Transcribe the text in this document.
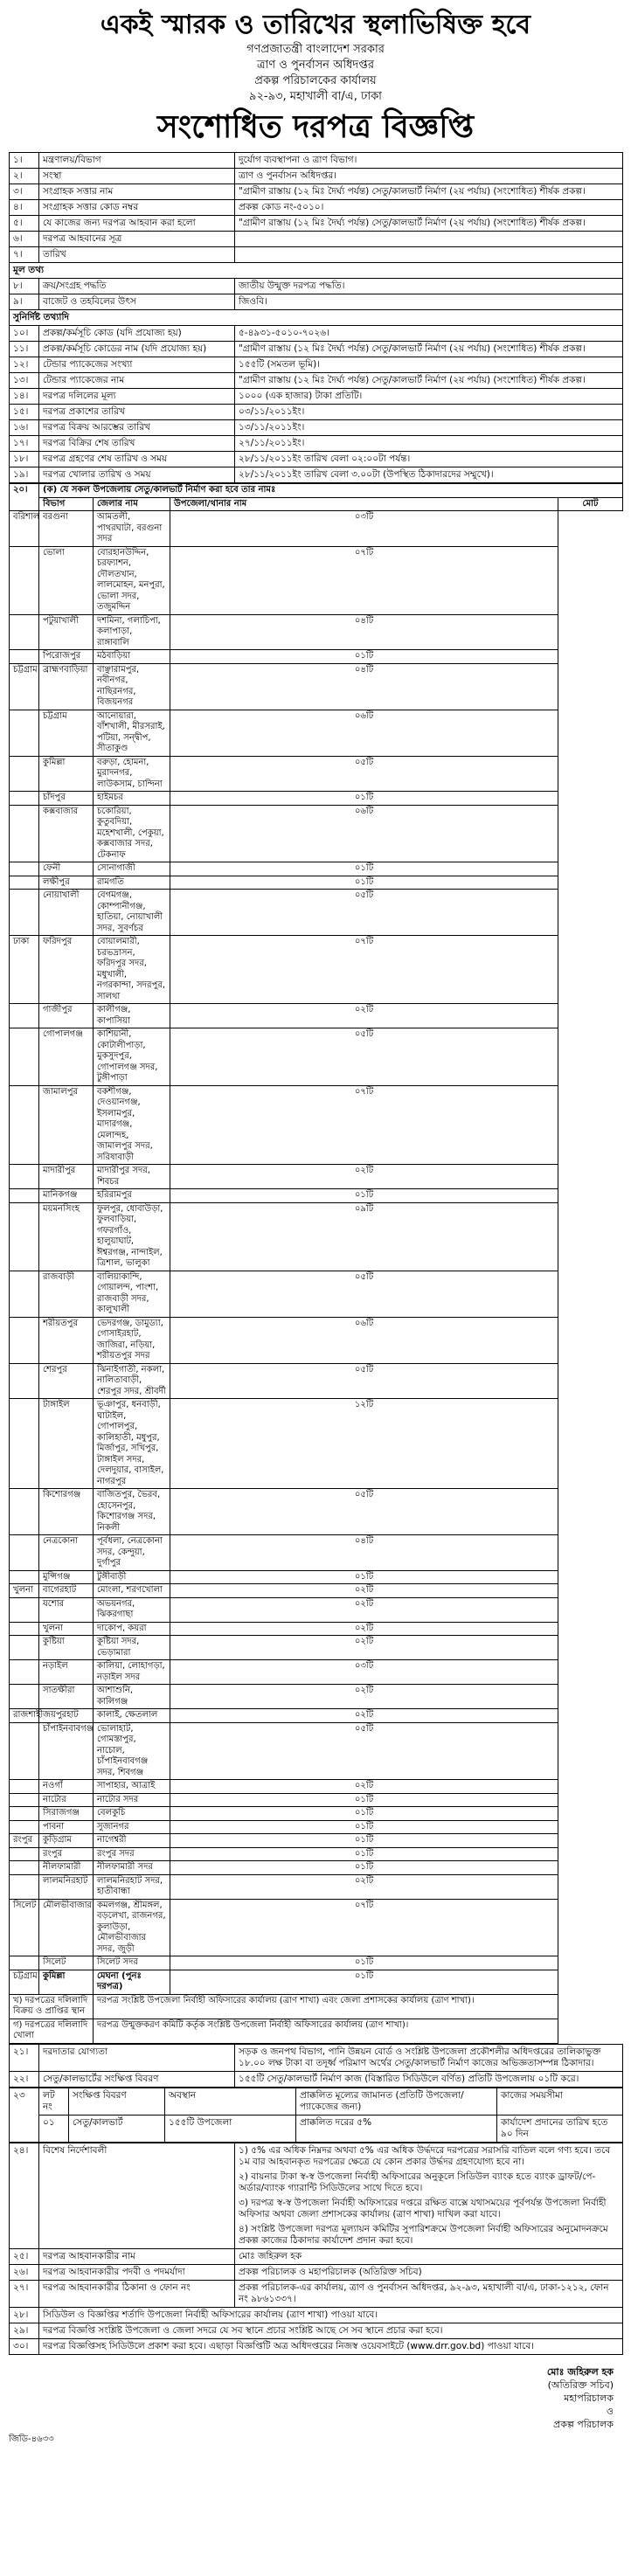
একই স্মারক ও তারিখের স্থলাভিষিক্ত হবে
গণপ্রজাতন্ত্রী বাংলাদেশ সরকার
ত্রাণ ও পুনর্বাসন অধিদপ্তর
প্রকল্প পরিচালকের কার্যালয়
৯২-৯৩, মহাখালী বা/এ, ঢাকা
সংশোধিত দরপত্র বিজ্ঞপ্তি
১।	মন্ত্রণালয়/বিভাগ	দুর্যোগ ব্যবস্থাপনা ও ত্রাণ বিভাগ।
২।	সংস্থা	ত্রাণ ও পুনর্বাসন অধিদপ্তর।
৩।	সংগ্রাহক সত্তার নাম	"গ্রামীণ রাস্তায় (১২ মিঃ দৈর্ঘ্য পর্যন্ত) সেতু/কালভার্ট নির্মাণ (২য় পর্যায়) (সংশোধিত) শীর্ষক প্রকল্প।
৪।	সংগ্রাহক সত্তার কোড নম্বর	প্রকল্প কোড নং-৫০১০।
৫।	যে কাজের জন্য দরপত্র আহবান করা হলো	"গ্রামীণ রাস্তায় (১২ মিঃ দৈর্ঘ্য পর্যন্ত) সেতু/কালভার্ট নির্মাণ (২য় পর্যায়) (সংশোধিত) শীর্ষক প্রকল্প।
৬।	দরপত্র আহবানের সূত্র	
৭।	তারিখ	
মূল তথ্য		
৮।	ক্রয়/সংগ্রহ পদ্ধতি	জাতীয় উন্মুক্ত দরপত্র পদ্ধতি।
৯।	বাজেট ও তহবিলের উৎস	জিওবি।
সুনির্দিষ্ট তথ্যাদি		
১০।	প্রকল্প/কর্মসূচি কোড (যদি প্রযোজ্য হয়)	৫-৪৯৩১-৫০১০-৭০২৬।
১১।	প্রকল্প/কর্মসূচি কোডের নাম (যদি প্রযোজ্য হয়)	"গ্রামীণ রাস্তায় (১২ মিঃ দৈর্ঘ্য পর্যন্ত) সেতু/কালভার্ট নির্মাণ (২য় পর্যায়) (সংশোধিত) শীর্ষক প্রকল্প।
১২।	টেন্ডার প্যাকেজের সংখ্যা	১৫৫টি (সমতল ভূমি)।
১৩।	টেন্ডার প্যাকেজের নাম	"গ্রামীণ রাস্তায় (১২ মিঃ দৈর্ঘ্য পর্যন্ত) সেতু/কালভার্ট নির্মাণ (২য় পর্যায়) (সংশোধিত) শীর্ষক প্রকল্প।
১৪।	দরপত্র দলিলের মূল্য	১০০০ (এক হাজার) টাকা প্রতিটি।
১৫।	দরপত্র প্রকাশের তারিখ	০৩/১১/২০১১ইং।
১৬।	দরপত্র বিক্রয় আরম্ভের তারিখ	১৩/১১/২০১১ইং।
১৭।	দরপত্র বিক্রির শেষ তারিখ	২৭/১১/২০১১ইং।
১৮।	দরপত্র গ্রহণের শেষ তারিখ ও সময়	২৮/১১/২০১১ইং তারিখ বেলা ০২:০০টা পর্যন্ত।
১৯।	দরপত্র খোলার তারিখ ও সময়	২৮/১১/২০১১ইং তারিখ বেলা ৩.০০টা (উপস্থিত ঠিকাদারদের সম্মুখে)।
২০।	(ক) যে সকল উপজেলায় সেতু/কালভার্ট নির্মাণ করা হবে তার নামঃ			
	বিভাগ	জেলার নাম	উপজেলা/থানার নাম	মোট
বরিশাল	বরগুনা	আমতলী, পাথরঘাটা, বরগুনা সদর	০৩টি	
	ভোলা	বোরহানউদ্দিন, চরফ্যাশন, দৌলতখান, লালমোহন, মনপুরা, ভোলা সদর, তজুমদ্দিন	০৭টি	
	পটুয়াখালী	দশমিনা, গলাচিপা, কলাপাড়া, রাঙ্গাবালি	০৪টি	
	পিরোজপুর	মঠবাড়িয়া	০১টি	
চট্টগ্রাম	ব্রাহ্মণবাড়িয়া	বাঞ্ছারামপুর, নবীনগর, নাছিরনগর, বিজয়নগর	০৪টি	
	চট্টগ্রাম	আনোয়ারা, বাঁশখালী, মীরসরাই, পটিয়া, সন্দ্বীপ, সীতাকুণ্ড	০৬টি	
	কুমিল্লা	বরুড়া, হোমনা, মুরাদনগর, লাউকসাম, চান্দিনা	০৫টি	
	চাঁদপুর	হাইমচর	০১টি	
	কক্সবাজার	চকোরিয়া, কুতুবদিয়া, মহেশখালী, পেকুয়া, কক্সবাজার সদর, টেকনাফ	০৬টি	
	ফেনী	সোনাগাজী	০১টি	
	লক্ষীপুর	রামগতি	০১টি	
	নোয়াখালী	বেগমগঞ্জ, কোম্পানীগঞ্জ, হাতিয়া, নোয়াখালী সদর, সুবর্ণচর	০৫টি	
ঢাকা	ফরিদপুর	বোয়ালমারী, চরভদ্রাসন, ফরিদপুর সদর, মধুখালী, নগরকান্দা, সদরপুর, সালথা	০৭টি	
	গাজীপুর	কালীগঞ্জ, কাপাসিয়া	০২টি	
	গোপালগঞ্জ	কাশিয়ানী, কোটালীপাড়া, মুকসুদপুর, গোপালগঞ্জ সদর, টুঙ্গীপাড়া	০৫টি	
	জামালপুর	বকশীগঞ্জ, দেওয়ানগঞ্জ, ইসলামপুর, মাদারগঞ্জ, মেলান্দহ, জামালপুর সদর, সরিষাবাড়ী	০৭টি	
	মাদারীপুর	মাদারীপুর সদর, শিবচর	০২টি	
	মানিকগঞ্জ	হরিরামপুর	০১টি	
	ময়মনসিংহ	ফুলপুর, ধোবাউড়া, ফুলবাড়িয়া, গফরগাঁও, হালুয়াঘাট, ঈশ্বরগঞ্জ, নান্দাইল, ত্রিশাল, ভালুকা	০৯টি	
	রাজবাড়ী	বালিয়াকান্দি, গোয়ালন্দ, পাংশা, রাজবাড়ী সদর, কালুখালী	০৫টি	
	শরীয়তপুর	ভেদরগঞ্জ, ডামুড্যা, গোসাইরহাট, জাজিরা, নড়িয়া, শরীয়তপুর সদর	০৬টি	
	শেরপুর	ঝিনাইগাতী, নকলা, নালিতাবাড়ী, শেরপুর সদর, শ্রীবর্দী	০৫টি	
	টাঙ্গাইল	ভূঞাপুর, ধনবাড়ী, ঘাটাইল, গোপালপুর, কালিহাতী, মধুপুর, মির্জাপুর, সখিপুর, টাঙ্গাইল সদর, দেলদুয়ার, বাসাইল, নাগরপুর	১২টি	
	কিশোরগঞ্জ	বাজিতপুর, ভৈরব, হোসেনপুর, কিশোরগঞ্জ সদর, নিকলী	০৫টি	
	নেত্রকোনা	পূর্বধলা, নেত্রকোনা সদর, কেন্দুয়া, দুর্গাপুর	০৪টি	
	মুন্সিগঞ্জ	টুঙ্গীবাড়ী	০১টি	
খুলনা	বাগেরহাট	মোংলা, শরণখোলা	০২টি	
	যশোর	অভয়নগর, ঝিকরগাছা	০২টি	
	খুলনা	দাকোপ, কয়রা	০২টি	
	কুষ্টিয়া	কুষ্টিয়া সদর, ভেড়ামারা	০২টি	
	নড়াইল	কালিয়া, লোহাগড়া, নড়াইল সদর	০৩টি	
	সাতক্ষীরা	আশাশুনি, কালিগঞ্জ	০২টি	
রাজশাহী	জয়পুরহাট	কালাই, ক্ষেতলাল	০২টি	
	চাঁপাইনবাবগঞ্জ	ভোলাহাট, গোমস্তাপুর, নাচোল, চাঁপাইনবাবগঞ্জ সদর, শিবগঞ্জ	০৫টি	
	নওগাঁ	সাপাহার, আত্রাই	০২টি	
	নাটোর	নাটোর সদর	০১টি	
	সিরাজগঞ্জ	বেলকুচি	০১টি	
	পাবনা	সুজানগর	০১টি	
রংপুর	কুড়িগ্রাম	নাগেশ্বরী	০১টি	
	রংপুর	রংপুর সদর	০১টি	
	নীলফামারী	নীলফামারী সদর	০১টি	
	লালমনিরহাট	লালমনিরহাট সদর, হাতীবান্ধা	০২টি	
সিলেট	মৌলভীবাজার	কমলগঞ্জ, শ্রীমঙ্গল, বড়লেখা, রাজনগর, কুলাউড়া, মৌলভীবাজার সদর, জুড়ী	০৭টি	
	সিলেট	সিলেট সদর	০১টি	
চট্টগ্রাম	কুমিল্লা	মেঘনা (পুনঃ দরপত্র)	০১টি	
খ) দরপত্রের দলিলাদি বিক্রয় ও প্রাপ্তির স্থান		দরপত্র সংশ্লিষ্ট উপজেলা নির্বাহী অফিসারের কার্যালয় (ত্রাণ শাখা) এবং জেলা প্রশাসকের কার্যালয় (ত্রাণ শাখা)।		
গ) দরপত্রের দলিলাদি খোলা		দরপত্র উন্মুক্তকরণ কমিটি কর্তৃক সংশ্লিষ্ট উপজেলা নির্বাহী অফিসারের কার্যালয় (ত্রাণ শাখা)।		
২১।	দরদাতার যোগ্যতা	সড়ক ও জনপথ বিভাগ, পানি উন্নয়ন বোর্ড ও সংশ্লিষ্ট উপজেলা প্রকৌশলীর অধিদপ্তরের তালিকাভুক্ত ১৮.০০ লক্ষ টাকা বা তদূর্ধ্ব পরিমাণ অর্থের সেতু/কালভার্ট নির্মাণ কাজের অভিজ্ঞতাসম্পন্ন ঠিকাদার।
২২।	সেতু/কালভার্টের সংক্ষিপ্ত বিবরণ	১৫৫টি সেতু/কালভার্ট নির্মাণ কাজ (বিস্তারিত সিডিউলে বর্ণিত) প্রতিটি উপজেলায় ০১টি করে।
২৩	লট নং	সংক্ষিপ্ত বিবরণ	অবস্থান	প্রাক্কলিত মূল্যের জামানত (প্রতিটি উপজেলা/প্যাকেজের জন্য)	কাজের সময়সীমা
	০১	সেতু/কালভার্ট	১৫৫টি উপজেলা	প্রাক্কলিত দরের ৫%	কার্যাদেশ প্রদানের তারিখ হতে ৯০ দিন
২৪।	বিশেষ নির্দেশাবলী	১) ৫% এর অধিক নিম্নদর অথবা ৫% এর অধিক উর্দ্ধদরে দরপত্রের সরাসরি বাতিল বলে গণ্য হবে। তবে ১ম বার আহবানকৃত দরপত্রের ক্ষেত্রে যে কোন প্রকার উর্দ্ধদর গ্রহণযোগ্য হবে না।
২) বায়নার টাকা স্ব-স্ব উপজেলা নির্বাহী অফিসারের অনুকূলে সিডিউল ব্যাংক হতে ব্যাংক ড্রাফট/পে-অর্ডার/ব্যাংক গ্যারান্টি সিডিউলের সাথে দিতে হবে।
৩) দরপত্র স্ব-স্ব উপজেলা নির্বাহী অফিসারের দপ্তরে রক্ষিত বাক্সে যথাসময়ের পূর্বপর্যন্ত উপজেলা নির্বাহী অফিসার অথবা জেলা প্রশাসকের কার্যালয় (ত্রাণ শাখা) দাখিল করা যাবে।
৪) সংশ্লিষ্ট উপজেলা দরপত্র মূল্যায়ন কমিটির সুপারিশক্রমে উপজেলা নির্বাহী অফিসারের অনুমোদনক্রমে প্রকল্প কাজের ঠিকাদার কার্যাদেশ প্রদান করা হবে।

২৫।	দরপত্র আহবানকারীর নাম	মোঃ জহিরুল হক
২৬।	দরপত্র আহবানকারীর পদবী ও পদমর্যাদা	প্রকল্প পরিচালক ও মহাপরিচালক (অতিরিক্ত সচিব)
২৭।	দরপত্র আহবানকারীর ঠিকানা ও ফোন নং	প্রকল্প পরিচালক-এর কার্যালয়, ত্রাণ ও পুনর্বাসন অধিদপ্তর, ৯২-৯৩, মহাখালী বা/এ, ঢাকা-১২১২, ফোন নং ৯৮৬১৩৩৭।
২৮।	সিডিউল ও বিজ্ঞপ্তির শর্তাদি উপজেলা নির্বাহী অফিসারের কার্যালয় (ত্রাণ শাখা) পাওয়া যাবে।	
২৯।	দরপত্র বিজ্ঞপ্তি সংশ্লিষ্ট উপজেলা ও জেলা সদরে যে সব স্থানে প্রচার সংশ্লিষ্ট আছে সে সব স্থানে প্রচার করা হবে।	
৩০।	দরপত্র বিজ্ঞপ্তিসহ সিডিউলে প্রকাশ করা হবে। এছাড়া বিজ্ঞপ্তিটি অত্র অধিদপ্তরের নিজস্ব ওয়েবসাইটে (www.drr.gov.bd) পাওয়া যাবে।	
মোঃ জহিরুল হক
(অতিরিক্ত সচিব)
মহাপরিচালক
ও
প্রকল্প পরিচালক
জিডি-৪৬৩৩
